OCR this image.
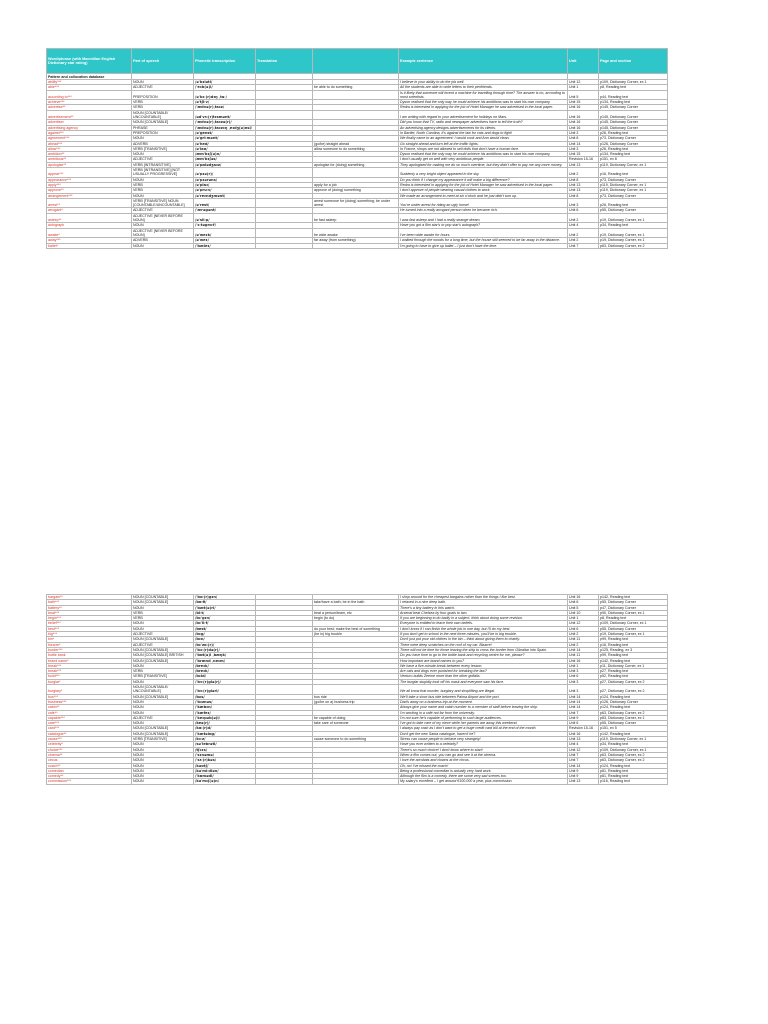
Word/phrase (with Macmillan English Dictionary star rating)	Part of speech	Phonetic transcription	Translation		Example sentence	Unit	Page and section
Pattern and collocation database							
ability***	NOUN	/əˈbɪləti/			I believe in your ability to do the job well.	Unit 12	p109, Dictionary Corner, ex 1
able***	ADJECTIVE	/ˈeɪb(ə)l/		be able to do something	All the students are able to write letters to their penfriends.	Unit 1	p8, Reading text
according to***	PREPOSITION	/əˈkɔː(r)dɪŋ ˌtuː/			Is it likely that someone will invent a machine for travelling through time? The answer is no, according to most scientists.	Unit 5	p44, Reading text
achieve***	VERB	/əˈtʃiːv/			Dyson realised that the only way he could achieve his ambitions was to start his own company.	Unit 15	p134, Reading text
advertise**	VERB	/ˈædvə(r)ˌtaɪz/			Redra is interested in applying for the job of Hotel Manager he saw advertised in the local paper.	Unit 16	p145, Dictionary Corner
advertisement**	NOUN [COUNTABLE/ UNCOUNTABLE]	/ədˈvɜː(r)tɪsmənt/			I am writing with regard to your advertisement for holidays on Mars.	Unit 16	p145, Dictionary Corner
advertiser	NOUN [COUNTABLE]	/ˈædvə(r)ˌtaɪzə(r)/			Did you know that TV, radio and newspaper advertisers have to tell the truth?	Unit 16	p145, Dictionary Corner
advertising agency	PHRASE	/ˈædvə(r)ˌtaɪzɪŋ ˌeɪdʒ(ə)nsi/			An advertising agency designs advertisements for its clients.	Unit 16	p145, Dictionary Corner
against***	PREPOSITION	/əˈɡenst/			In Bartlet, North Carolina, it's against the law for cats and dogs to fight!	Unit 3	p26, Reading text
agreement***	NOUN	/əˈɡriːmənt/			We finally came to an agreement: I would cook and Ann would clean.	Unit 8	p73, Dictionary Corner
ahead***	ADVERB	/əˈhed/		(go/be) straight ahead	Go straight ahead and turn left at the traffic lights.	Unit 14	p126, Dictionary Corner
allow***	VERB [TRANSITIVE]	/əˈlaʊ/		allow someone to do something	In France, shops are not allowed to sell dolls that don't have a human face.	Unit 3	p26, Reading text
ambition**	NOUN	/æmˈbɪʃ(ə)n/			Dyson realised that the only way he could achieve his ambitions was to start his own company.	Unit 15	p134, Reading text
ambitious**	ADJECTIVE	/æmˈbɪʃəs/			I don't usually get on well with very ambitious people.	Revision 15-16	p151, ex 8
apologise**	VERB [INTRANSITIVE]	/əˈpɒlədʒaɪz/		apologise for (doing) something	They apologised for making me do so much overtime, but they didn't offer to pay me any more money.	Unit 13	p119, Dictionary Corner, ex 1
appear***	VERB [INTRANSITIVE] [NOT USUALLY PROGRESSIVE]	/əˈpɪə(r)/			Suddenly a very bright object appeared in the sky.	Unit 2	p16, Reading text
appearance***	NOUN	/əˈpɪərəns/			Do you think if I change my appearance it will make a big difference?	Unit 8	p73, Dictionary Corner
apply***	VERB	/əˈplaɪ/		apply for a job	Redra is interested in applying for the job of Hotel Manager he saw advertised in the local paper.	Unit 13	p119, Dictionary Corner, ex 1
approve**	VERB	/əˈpruːv/		approve of (doing) something	I don't approve of people wearing casual clothes to work.	Unit 13	p119, Dictionary Corner, ex 1
arrangement***	NOUN	/əˈreɪndʒmənt/			We made an arrangement to meet at six o'clock and he just didn't turn up.	Unit 8	p73, Dictionary Corner
arrest**	VERB [TRANSITIVE] NOUN [COUNTABLE/UNCOUNTABLE]	/əˈrest/		arrest someone for (doing) something; be under arrest	You're under arrest for riding an ugly horse!	Unit 3	p26, Reading text
arrogant*	ADJECTIVE	/ˈærəɡənt/			He turned into a really arrogant person when he became rich.	Unit 6	p55, Dictionary Corner
asleep**	ADJECTIVE [NEVER BEFORE NOUN]	/əˈsliːp/		be fast asleep	I was fast asleep and I had a really strange dream.	Unit 2	p19, Dictionary Corner, ex 1
autograph	NOUN	/ˈɔːtəɡrɑːf/			Have you got a film star's or pop star's autograph?	Unit 4	p34, Reading text
awake*	ADJECTIVE [NEVER BEFORE NOUN]	/əˈweɪk/		be wide awake	I've been wide awake for hours.	Unit 2	p19, Dictionary Corner, ex 1
away***	ADVERB	/əˈweɪ/		far away (from something)	I walked through the woods for a long time, but the house still seemed to be far away in the distance.	Unit 2	p19, Dictionary Corner, ex 1
ballet*	NOUN	/ˈbæleɪ/			I'm going to have to give up ballet – I just don't have the time.	Unit 7	p63, Dictionary Corner, ex 2
bargain**	NOUN [COUNTABLE]	/ˈbɑː(r)ɡɪn/			I shop around for the cheapest bargains rather than the things I like best.	Unit 16	p142, Reading text
bath***	NOUN [COUNTABLE]	/bɑːθ/		take/have a bath; be in the bath	I relaxed in a nice deep bath.	Unit 6	p55, Dictionary Corner
battery**	NOUN	/ˈbæt(ə)ri/			There's a tiny battery in this watch.	Unit 5	p47, Dictionary Corner
beat***	VERB	/biːt/		beat a person/team, etc	Arsenal beat Chelsea by four goals to two.	Unit 10	p90, Dictionary Corner, ex 1
begin***	VERB	/bɪˈɡɪn/		begin (to do)	If you are beginning to do badly in a subject, think about doing some revision.	Unit 1	p8, Reading text
belief***	NOUN	/bɪˈliːf/			Everyone is entitled to leave their own beliefs.	Unit 12	p109, Dictionary Corner, ex 1
best***	NOUN	/best/		do your best; make the best of something	I don't know if I can finish the whole job in one day, but I'll do my best.	Unit 6	p55, Dictionary Corner
big***	ADJECTIVE	/bɪɡ/		(be in) big trouble	If you don't get to school in the next three minutes, you'll be in big trouble.	Unit 2	p19, Dictionary Corner, ex 1
bin*	NOUN [COUNTABLE]	/bɪn/			Don't just put your old clothes in the bin – think about giving them to charity.	Unit 11	p99, Reading text
bizarre*	ADJECTIVE	/bɪˈzɑː(r)/			There were deep scratches on the roof of my car. Bizarre!	Unit 2	p16, Reading text
border***	NOUN [COUNTABLE]	/ˈbɔː(r)də(r)/			There will not be time for those leaving the ship to cross the border from Gibraltar into Spain.	Unit 14	p125, Reading, ex 3
bottle bank	NOUN [COUNTABLE] BRITISH	/ˈbɒt(ə)l ˌbæŋk/			Do you have time to go to the bottle bank and recycling centre for me, please?	Unit 11	p99, Reading text
brand name*	NOUN [COUNTABLE]	/ˈbrænd ˌneɪm/			How important are brand names to you?	Unit 16	p142, Reading text
break***	NOUN	/breɪk/			We have a five-minute break between every lesson.	Unit 1	p11, Dictionary Corner, ex 1
break***	VERB	/breɪk/			Are cats and dogs ever punished for breaking the law?	Unit 3	p27, Reading text
build***	VERB [TRANSITIVE]	/bɪld/			Venturo builds Zeeme more than the other golfalls.	Unit 6	p52, Reading text
burglar*	NOUN	/ˈbɜː(r)ɡlə(r)/			The burglar stupidly took off his mask and everyone saw his face.	Unit 3	p27, Dictionary Corner, ex 2
burglary*	NOUN [COUNTABLE/ UNCOUNTABLE]	/ˈbɜː(r)ɡləri/			We all know that murder, burglary and shoplifting are illegal.	Unit 3	p27, Dictionary Corner, ex 2
bus***	NOUN [COUNTABLE]	/bʌs/		bus ride	We'll take a short bus ride between Palma Airport and the port.	Unit 14	p124, Reading text
business***	NOUN	/ˈbɪznəs/		(go/be on a) business trip	Dad's away on a business trip at the moment.	Unit 14	p126, Dictionary Corner
cabin**	NOUN	/ˈkæbɪn/			Always give your name and cabin number to a member of staff before leaving the ship.	Unit 14	p124, Reading text
café**	NOUN	/ˈkæfeɪ/			I'm working in a café not far from the university.	Unit 7	p63, Dictionary Corner, ex 2
capable***	ADJECTIVE	/ˈkeɪpəb(ə)l/		be capable of doing	I'm not sure he's capable of performing to such large audiences.	Unit 9	p83, Dictionary Corner, ex 1
care***	NOUN	/keə(r)/		take care of someone	I've got to take care of my niece while her parents are away this weekend.	Unit 6	p55, Dictionary Corner
card***	NOUN [COUNTABLE]	/kɑː(r)d/			I always pay cash as I don't want to get a huge credit card bill at the end of the month.	Revision 15-16	p151, ex 5
catalogue**	NOUN [COUNTABLE]	/ˈkætəlɒɡ/			Don't get the new Santa catalogue, haven't he?	Unit 16	p142, Reading text
cause***	VERB [TRANSITIVE]	/kɔːz/		cause someone to do something	Stress can cause people to behave very strangely!	Unit 13	p119, Dictionary Corner, ex 1
celebrity*	NOUN	/səˈlebrəti/			Have you ever written to a celebrity?	Unit 4	p34, Reading text
choice***	NOUN	/tʃɔɪs/			There's so much choice! I don't know where to start!	Unit 12	p109, Dictionary Corner, ex 1
cinema**	NOUN	/ˈsɪnəmə/			When a film comes out, you can go and see it at the cinema.	Unit 7	p63, Dictionary Corner, ex 2
circus	NOUN	/ˈsɜː(r)kəs/			I love the acrobats and clowns at the circus.	Unit 7	p63, Dictionary Corner, ex 2
coach**	NOUN	/kəʊtʃ/			Oh, no! I've missed the coach!	Unit 14	p124, Reading text
comedian	NOUN	/kəˈmiːdiən/			Being a professional comedian is actually very hard work.	Unit 9	p81, Reading text
comedy**	NOUN	/ˈkɒmədi/			Although the film is a comedy, there are some very sad scenes too.	Unit 9	p81, Reading text
commission***	NOUN	/kəˈmɪʃ(ə)n/			My salary's excellent – I get around €100,000 a year, plus commission.	Unit 13	p116, Reading text
